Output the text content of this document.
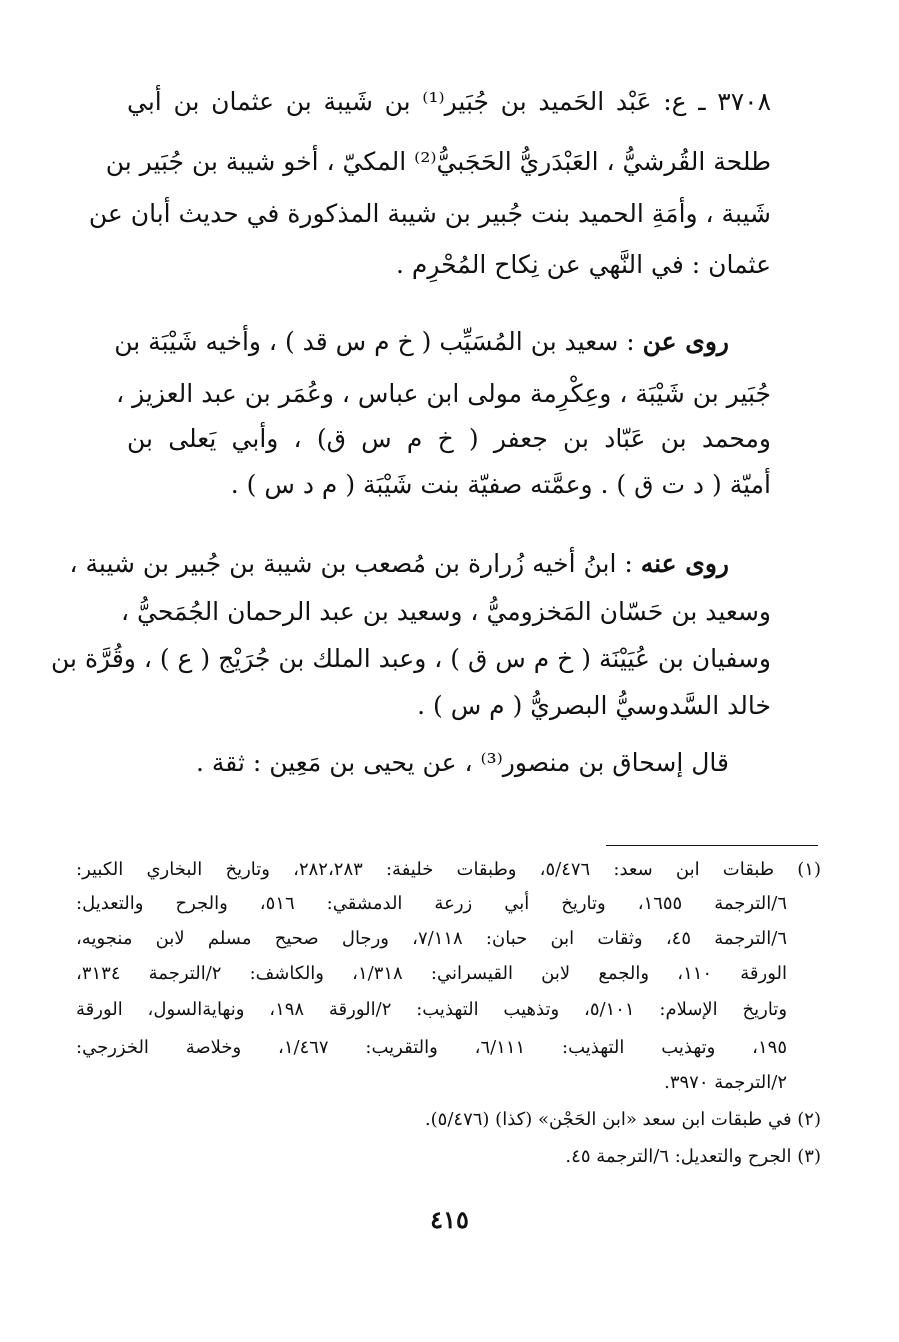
٣٧٠٨ ـ ع: عَبْد الحَميد بن جُبَير⁽¹⁾ بن شَيبة بن عثمان بن أبي
طلحة القُرشيُّ ، العَبْدَريُّ الحَجَبيُّ⁽²⁾ المكيّ ، أخو شيبة بن جُبَير بن
شَيبة ، وأمَةِ الحميد بنت جُبير بن شيبة المذكورة في حديث أبان عن
عثمان : في النَّهي عن نِكاح المُحْرِم .
روى عن : سعيد بن المُسَيِّب ( خ م س قد ) ، وأخيه شَيْبَة بن
جُبَير بن شَيْبَة ، وعِكْرِمة مولى ابن عباس ، وعُمَر بن عبد العزيز ،
ومحمد بن عَبّاد بن جعفر ( خ م س ق) ، وأبي يَعلى بن
أميّة ( د ت ق ) . وعمَّته صفيّة بنت شَيْبَة ( م د س ) .
روى عنه : ابنُ أخيه زُرارة بن مُصعب بن شيبة بن جُبير بن شيبة ،
وسعيد بن حَسّان المَخزوميُّ ، وسعيد بن عبد الرحمان الجُمَحيُّ ،
وسفيان بن عُيَيْنَة ( خ م س ق ) ، وعبد الملك بن جُرَيْج ( ع ) ، وقُرَّة بن
خالد السَّدوسيُّ البصريُّ ( م س ) .
قال إسحاق بن منصور⁽³⁾ ، عن يحيى بن مَعِين : ثقة .
(١) طبقات ابن سعد: ٥/٤٧٦، وطبقات خليفة: ٢٨٢،٢٨٣، وتاريخ البخاري الكبير:
٦/الترجمة ١٦٥٥، وتاريخ أبي زرعة الدمشقي: ٥١٦، والجرح والتعديل:
٦/الترجمة ٤٥، وثقات ابن حبان: ٧/١١٨، ورجال صحيح مسلم لابن منجويه،
الورقة ١١٠، والجمع لابن القيسراني: ١/٣١٨، والكاشف: ٢/الترجمة ٣١٣٤،
وتاريخ الإسلام: ٥/١٠١، وتذهيب التهذيب: ٢/الورقة ١٩٨، ونهايةالسول، الورقة
١٩٥، وتهذيب التهذيب: ٦/١١١، والتقريب: ١/٤٦٧، وخلاصة الخزرجي:
٢/الترجمة ٣٩٧٠.
(٢) في طبقات ابن سعد «ابن الحَجْن» (كذا) (٥/٤٧٦).
(٣) الجرح والتعديل: ٦/الترجمة ٤٥.
٤١٥
